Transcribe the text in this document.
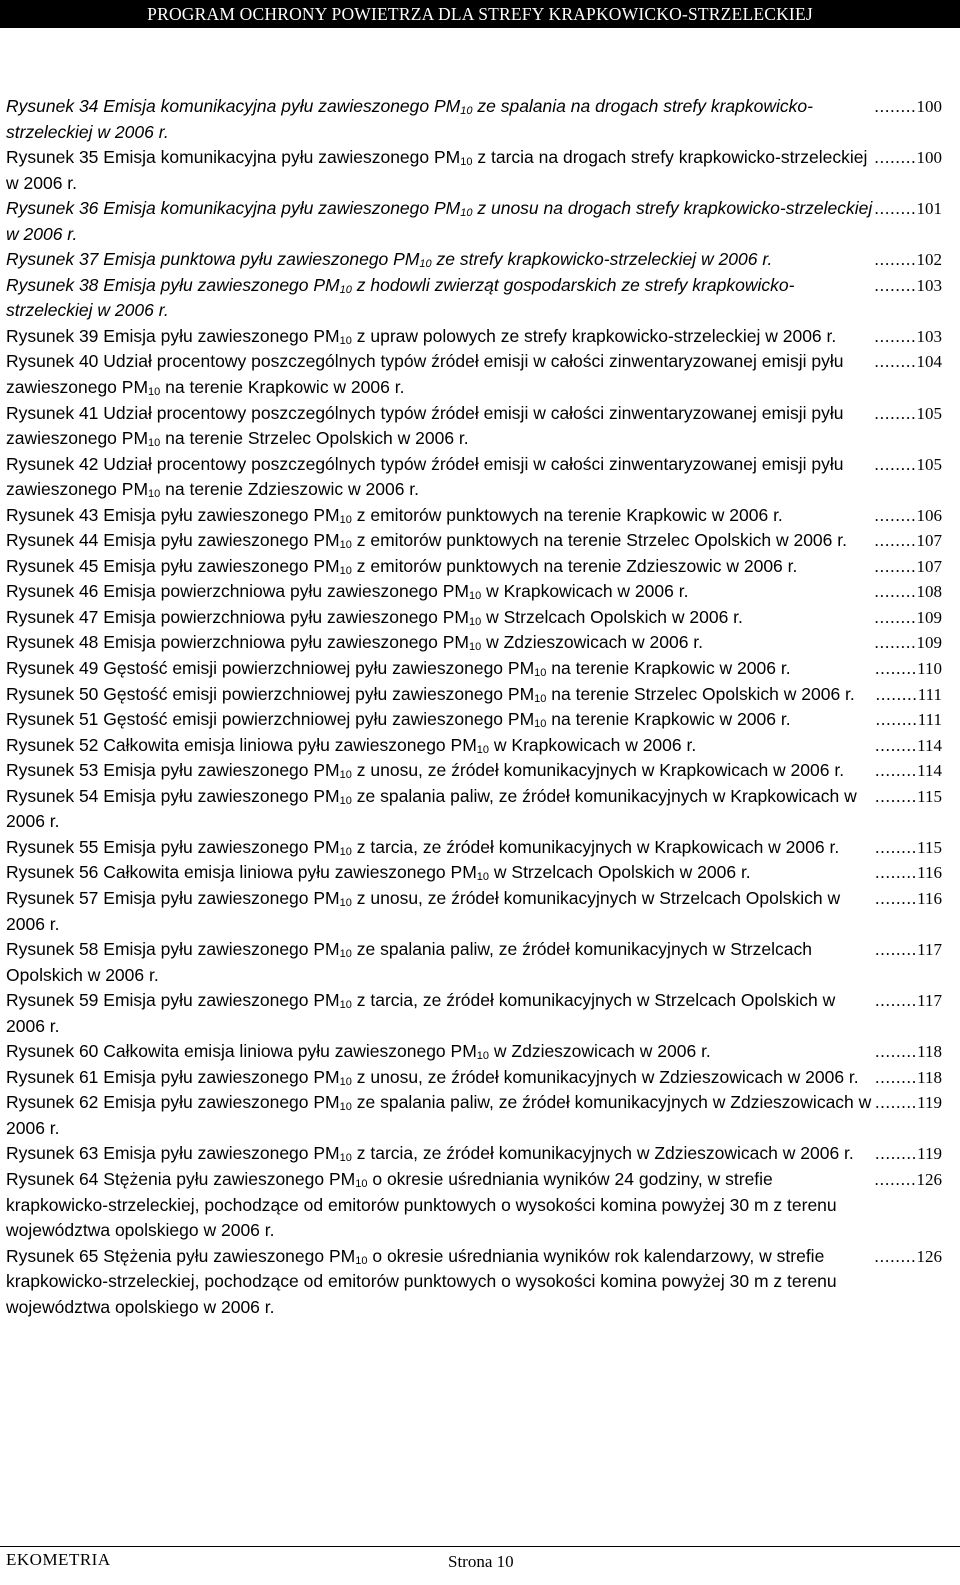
PROGRAM OCHRONY POWIETRZA DLA STREFY KRAPKOWICKO-STRZELECKIEJ
........100
Rysunek 34 Emisja komunikacyjna pyłu zawieszonego $PM_{10}$ ze spalania na drogach strefy krapkowicko-strzeleckiej w 2006 r.
........100
Rysunek 35 Emisja komunikacyjna pyłu zawieszonego $PM_{10}$ z tarcia na drogach strefy krapkowicko-strzeleckiej w 2006 r.
........101
Rysunek 36 Emisja komunikacyjna pyłu zawieszonego $PM_{10}$ z unosu na drogach strefy krapkowicko-strzeleckiej w 2006 r.
........102
Rysunek 37 Emisja punktowa pyłu zawieszonego $PM_{10}$ ze strefy krapkowicko-strzeleckiej w 2006 r.
........103
Rysunek 38 Emisja pyłu zawieszonego $PM_{10}$ z hodowli zwierząt gospodarskich ze strefy krapkowicko-strzeleckiej w 2006 r.
........103
Rysunek 39 Emisja pyłu zawieszonego $PM_{10}$ z upraw polowych ze strefy krapkowicko-strzeleckiej w 2006 r.
........104
Rysunek 40 Udział procentowy poszczególnych typów źródeł emisji w całości zinwentaryzowanej emisji pyłu zawieszonego $PM_{10}$ na terenie Krapkowic w 2006 r.
........105
Rysunek 41 Udział procentowy poszczególnych typów źródeł emisji w całości zinwentaryzowanej emisji pyłu zawieszonego $PM_{10}$ na terenie Strzelec Opolskich w 2006 r.
........105
Rysunek 42 Udział procentowy poszczególnych typów źródeł emisji w całości zinwentaryzowanej emisji pyłu zawieszonego $PM_{10}$ na terenie Zdzieszowic w 2006 r.
........106
Rysunek 43 Emisja pyłu zawieszonego $PM_{10}$ z emitorów punktowych na terenie Krapkowic w 2006 r.
........107
Rysunek 44 Emisja pyłu zawieszonego $PM_{10}$ z emitorów punktowych na terenie Strzelec Opolskich w 2006 r.
........107
Rysunek 45 Emisja pyłu zawieszonego $PM_{10}$ z emitorów punktowych na terenie Zdzieszowic w 2006 r.
........108
Rysunek 46 Emisja powierzchniowa pyłu zawieszonego $PM_{10}$ w Krapkowicach w 2006 r.
........109
Rysunek 47 Emisja powierzchniowa pyłu zawieszonego $PM_{10}$ w Strzelcach Opolskich w 2006 r.
........109
Rysunek 48 Emisja powierzchniowa pyłu zawieszonego $PM_{10}$ w Zdzieszowicach w 2006 r.
........110
Rysunek 49 Gęstość emisji powierzchniowej pyłu zawieszonego $PM_{10}$ na terenie Krapkowic w 2006 r.
........111
Rysunek 50 Gęstość emisji powierzchniowej pyłu zawieszonego $PM_{10}$ na terenie Strzelec Opolskich w 2006 r.
........111
Rysunek 51 Gęstość emisji powierzchniowej pyłu zawieszonego $PM_{10}$ na terenie Krapkowic w 2006 r.
........114
Rysunek 52 Całkowita emisja liniowa pyłu zawieszonego $PM_{10}$ w Krapkowicach w 2006 r.
........114
Rysunek 53 Emisja pyłu zawieszonego $PM_{10}$ z unosu, ze źródeł komunikacyjnych w Krapkowicach w 2006 r.
........115
Rysunek 54 Emisja pyłu zawieszonego $PM_{10}$ ze spalania paliw, ze źródeł komunikacyjnych w Krapkowicach w 2006 r.
........115
Rysunek 55 Emisja pyłu zawieszonego $PM_{10}$ z tarcia, ze źródeł komunikacyjnych w Krapkowicach w 2006 r.
........116
Rysunek 56 Całkowita emisja liniowa pyłu zawieszonego $PM_{10}$ w Strzelcach Opolskich w 2006 r.
........116
Rysunek 57 Emisja pyłu zawieszonego $PM_{10}$ z unosu, ze źródeł komunikacyjnych w Strzelcach Opolskich w 2006 r.
........117
Rysunek 58 Emisja pyłu zawieszonego $PM_{10}$ ze spalania paliw, ze źródeł komunikacyjnych w Strzelcach Opolskich w 2006 r.
........117
Rysunek 59 Emisja pyłu zawieszonego $PM_{10}$ z tarcia, ze źródeł komunikacyjnych w Strzelcach Opolskich w 2006 r.
........118
Rysunek 60 Całkowita emisja liniowa pyłu zawieszonego $PM_{10}$ w Zdzieszowicach w 2006 r.
........118
Rysunek 61 Emisja pyłu zawieszonego $PM_{10}$ z unosu, ze źródeł komunikacyjnych w Zdzieszowicach w 2006 r.
........119
Rysunek 62 Emisja pyłu zawieszonego $PM_{10}$ ze spalania paliw, ze źródeł komunikacyjnych w Zdzieszowicach w 2006 r.
........119
Rysunek 63 Emisja pyłu zawieszonego $PM_{10}$ z tarcia, ze źródeł komunikacyjnych w Zdzieszowicach w 2006 r.
........126
Rysunek 64 Stężenia pyłu zawieszonego $PM_{10}$ o okresie uśredniania wyników 24 godziny, w strefie krapkowicko-strzeleckiej, pochodzące od emitorów punktowych o wysokości komina powyżej 30 m z terenu województwa opolskiego w 2006 r.
........126
Rysunek 65 Stężenia pyłu zawieszonego $PM_{10}$ o okresie uśredniania wyników rok kalendarzowy, w strefie krapkowicko-strzeleckiej, pochodzące od emitorów punktowych o wysokości komina powyżej 30 m z terenu województwa opolskiego w 2006 r.
EKOMETRIA	Strona 10
